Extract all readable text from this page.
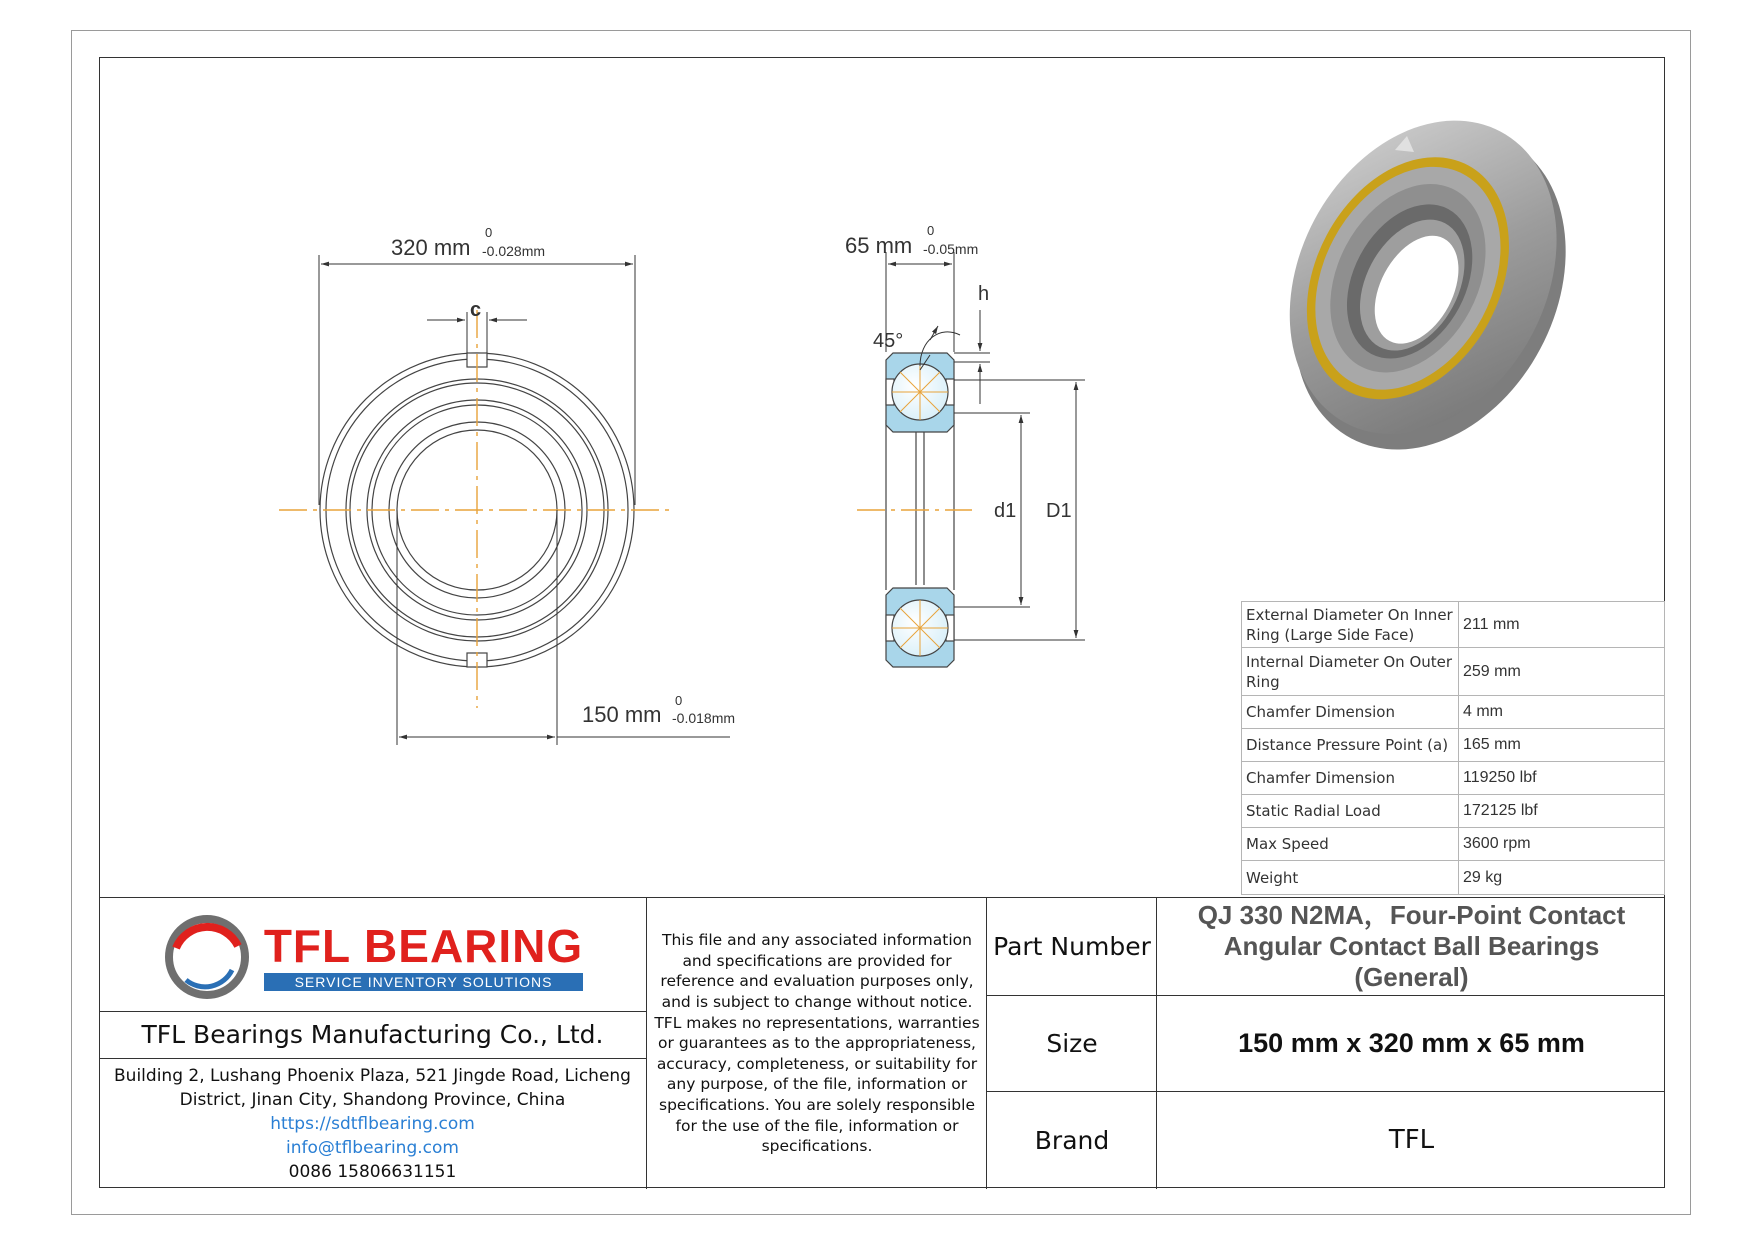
320 mm
0
-0.028mm
150 mm
0
-0.018mm
c
65 mm
0
-0.05mm
h
45°
d1 D1
External Diameter On Inner Ring (Large Side Face)	211 mm
Internal Diameter On Outer Ring	259 mm
Chamfer Dimension	4 mm
Distance Pressure Point (a)	165 mm
Chamfer Dimension	119250 lbf
Static Radial Load	172125 lbf
Max Speed	3600 rpm
Weight	29 kg
TFL BEARING
SERVICE INVENTORY SOLUTIONS
TFL Bearings Manufacturing Co., Ltd.
Building 2, Lushang Phoenix Plaza, 521 Jingde Road, Licheng District, Jinan City, Shandong Province, China
https://sdtflbearing.com
info@tflbearing.com
0086 15806631151
This file and any associated information and specifications are provided for reference and evaluation purposes only, and is subject to change without notice. TFL makes no representations, warranties or guarantees as to the appropriateness, accuracy, completeness, or suitability for any purpose, of the file, information or specifications. You are solely responsible for the use of the file, information or specifications.
Part Number
QJ 330 N2MA，Four-Point Contact Angular Contact Ball Bearings (General)
Size	150 mm x 320 mm x 65 mm
Brand	TFL
